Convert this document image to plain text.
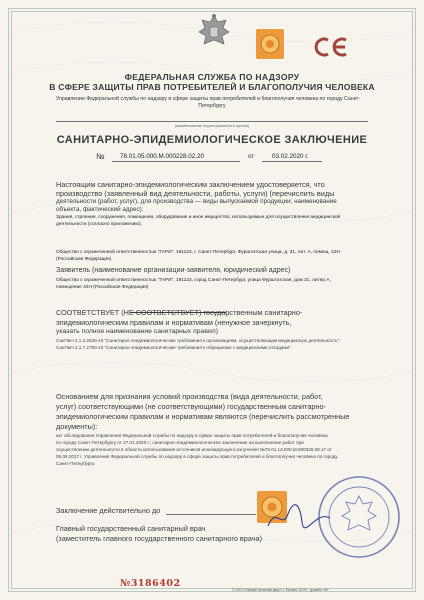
ФЕДЕРАЛЬНАЯ СЛУЖБА ПО НАДЗОРУ
В СФЕРЕ ЗАЩИТЫ ПРАВ ПОТРЕБИТЕЛЕЙ И БЛАГОПОЛУЧИЯ ЧЕЛОВЕКА
Управление Федеральной службы по надзору в сфере защиты прав потребителей и благополучия человека по городу Санкт-
Петербургу
(наименование территориального органа)
САНИТАРНО-ЭПИДЕМИОЛОГИЧЕСКОЕ ЗАКЛЮЧЕНИЕ
№ 78.01.05.000.М.000228.02.20	от	03.02.2020 г.
Настоящим санитарно-эпидемиологическим заключением удостоверяется, что
производство (заявленный вид деятельности, работы, услуги) (перечислить виды
деятельности (работ, услуг), для производства — виды выпускаемой продукции; наименование
объекта, фактический адрес):
Здания, строения, сооружения, помещения, оборудование и иное имущество, используемые для осуществления медицинской
деятельности (согласно приложению).
Общество с ограниченной ответственностью "ГАРИ", 191123, г. Санкт-Петербург, Фурштатская улица, д. 31, лит. А, помещ. 42Н
(Российская Федерация)
Заявитель (наименование организации-заявителя, юридический адрес)
Общество с ограниченной ответственностью "ГАРИ", 191123, город Санкт-Петербург, улица Фурштатская, дом 31, литер А,
помещение 42Н (Российская Федерация)
СООТВЕТСТВУЕТ (НЕ СООТВЕТСТВУЕТ) государственным санитарно-
эпидемиологическим правилам и нормативам (ненужное зачеркнуть,
указать полное наименование санитарных правил)
СанПиН 2.1.3.2630-10 "Санитарно-эпидемиологические требования к организациям, осуществляющим медицинскую деятельность";
СанПиН 2.1.7.2790-10 "Санитарно-эпидемиологические требования к обращению с медицинскими отходами"
Основанием для признания условий производства (вида деятельности, работ,
услуг) соответствующими (не соответствующими) государственным санитарно-
эпидемиологическим правилам и нормативам являются (перечислить рассмотренные
документы):
акт обследования Управления Федеральной службы по надзору в сфере защиты прав потребителей и благополучия человека
по городу Санкт-Петербургу от 27.01.2020 г.; санитарно-эпидемиологическое заключение на выполнение работ при
осуществлении деятельности в области использования источников ионизирующего излучения №78.01.13.000.М.000326.08.17 от
09.08.2017 г. Управления Федеральной службы по надзору в сфере защиты прав потребителей и благополучия человека по городу
Санкт-Петербургу.
Заключение действительно до
Главный государственный санитарный врач
(заместитель главного государственного санитарного врача)
№3186402
© ООО «Первый печатный двор», г. Москва, 2019 г., уровень «В»
